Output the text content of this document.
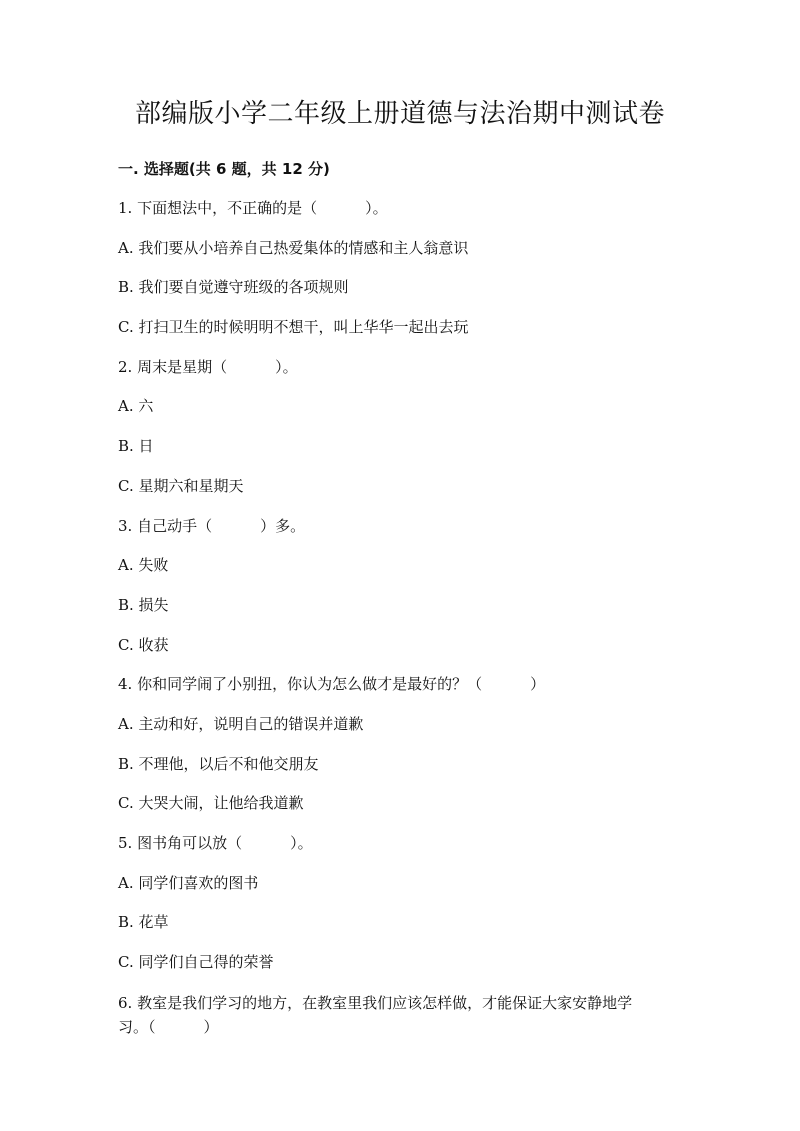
部编版小学二年级上册道德与法治期中测试卷
一. 选择题(共 6 题，共 12 分)
1. 下面想法中，不正确的是（	）。
A. 我们要从小培养自己热爱集体的情感和主人翁意识
B. 我们要自觉遵守班级的各项规则
C. 打扫卫生的时候明明不想干，叫上华华一起出去玩
2. 周末是星期（	）。
A. 六
B. 日
C. 星期六和星期天
3. 自己动手（	）多。
A. 失败
B. 损失
C. 收获
4. 你和同学闹了小别扭，你认为怎么做才是最好的？（	）
A. 主动和好，说明自己的错误并道歉
B. 不理他，以后不和他交朋友
C. 大哭大闹，让他给我道歉
5. 图书角可以放（	）。
A. 同学们喜欢的图书
B. 花草
C. 同学们自己得的荣誉
6. 教室是我们学习的地方，在教室里我们应该怎样做，才能保证大家安静地学
习。（	）
